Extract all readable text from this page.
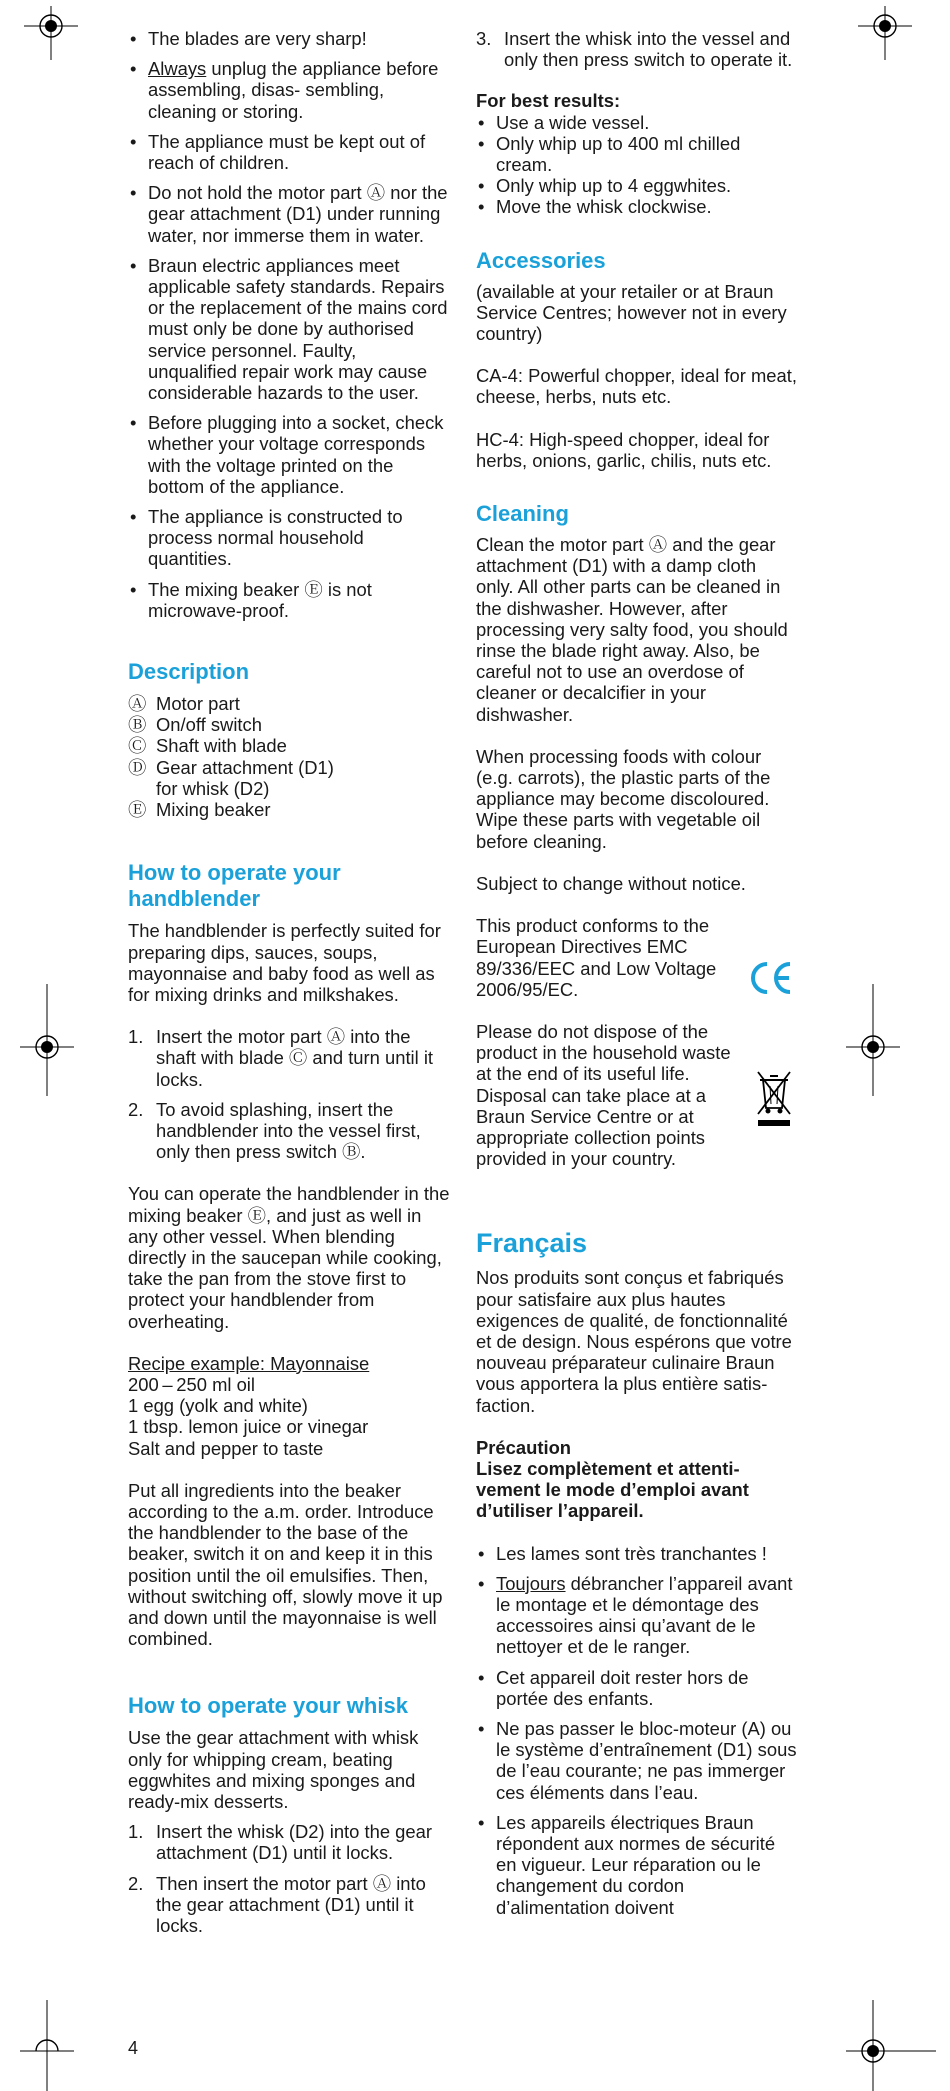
• The blades are very sharp!
• Always unplug the appliance before assembling, disas- sembling, cleaning or storing.
• The appliance must be kept out of reach of children.
• Do not hold the motor part Ⓐ nor the gear attachment (D1) under running water, nor immerse them in water.
• Braun electric appliances meet applicable safety standards. Repairs or the replacement of the mains cord must only be done by authorised service personnel. Faulty, unqualified repair work may cause considerable hazards to the user.
• Before plugging into a socket, check whether your voltage corresponds with the voltage printed on the bottom of the appliance.
• The appliance is constructed to process normal household quantities.
• The mixing beaker Ⓔ is not microwave-proof.
Description
Ⓐ Motor part
Ⓑ On/off switch
Ⓒ Shaft with blade
Ⓓ Gear attachment (D1)
for whisk (D2)
Ⓔ Mixing beaker
How to operate your handblender

The handblender is perfectly suited for preparing dips, sauces, soups, mayonnaise and baby food as well as for mixing drinks and milkshakes.

1. Insert the motor part Ⓐ into the shaft with blade Ⓒ and turn until it locks.
2. To avoid splashing, insert the handblender into the vessel first, only then press switch Ⓑ.

You can operate the handblender in the mixing beaker Ⓔ, and just as well in any other vessel. When blending directly in the saucepan while cooking, take the pan from the stove first to protect your handblender from overheating.

Recipe example: Mayonnaise
200 – 250 ml oil
1 egg (yolk and white)
1 tbsp. lemon juice or vinegar
Salt and pepper to taste

Put all ingredients into the beaker according to the a.m. order. Introduce the handblender to the base of the beaker, switch it on and keep it in this position until the oil emulsifies. Then, without switching off, slowly move it up and down until the mayonnaise is well combined.

How to operate your whisk

Use the gear attachment with whisk only for whipping cream, beating eggwhites and mixing sponges and ready-mix desserts.

1. Insert the whisk (D2) into the gear attachment (D1) until it locks.
2. Then insert the motor part Ⓐ into the gear attachment (D1) until it locks.
4
3. Insert the whisk into the vessel and only then press switch to operate it.
For best results:
• Use a wide vessel.
• Only whip up to 400 ml chilled cream.
• Only whip up to 4 eggwhites.
• Move the whisk clockwise.
Accessories

(available at your retailer or at Braun Service Centres; however not in every country)

CA-4: Powerful chopper, ideal for meat, cheese, herbs, nuts etc.

HC-4: High-speed chopper, ideal for herbs, onions, garlic, chilis, nuts etc.

Cleaning

Clean the motor part Ⓐ and the gear attachment (D1) with a damp cloth only. All other parts can be cleaned in the dishwasher. However, after processing very salty food, you should rinse the blade right away. Also, be careful not to use an overdose of cleaner or decalcifier in your dishwasher.

When processing foods with colour (e.g. carrots), the plastic parts of the appliance may become discoloured. Wipe these parts with vegetable oil before cleaning.

Subject to change without notice.

This product conforms to the European Directives EMC 89/336/EEC and Low Voltage 2006/95/EC.

Please do not dispose of the product in the household waste at the end of its useful life. Disposal can take place at a Braun Service Centre or at appropriate collection points provided in your country.

Français

Nos produits sont conçus et fabriqués pour satisfaire aux plus hautes exigences de qualité, de fonctionnalité et de design. Nous espérons que votre nouveau préparateur culinaire Braun vous apportera la plus entière satis- faction.

Précaution
Lisez complètement et attenti- vement le mode d’emploi avant d’utiliser l’appareil.
• Les lames sont très tranchantes !
• Toujours débrancher l’appareil avant le montage et le démontage des accessoires ainsi qu’avant de le nettoyer et de le ranger.
• Cet appareil doit rester hors de portée des enfants.
• Ne pas passer le bloc-moteur (A) ou le système d’entraînement (D1) sous de l’eau courante; ne pas immerger ces éléments dans l’eau.
• Les appareils électriques Braun répondent aux normes de sécurité en vigueur. Leur réparation ou le changement du cordon d’alimentation doivent
